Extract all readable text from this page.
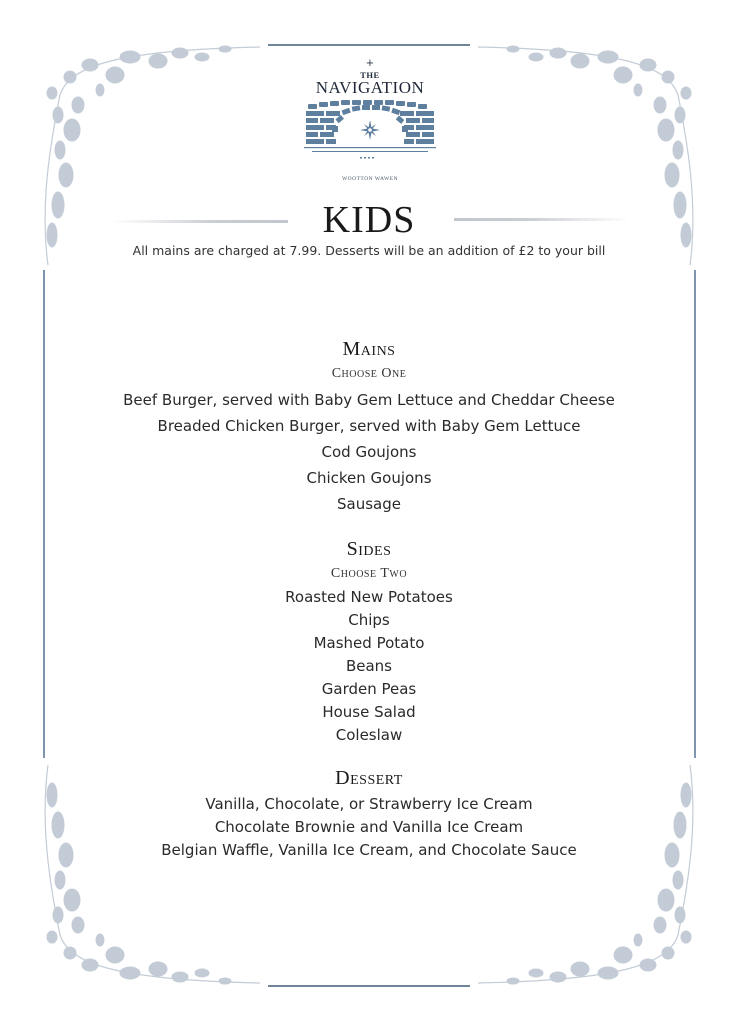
+
THE
NAVIGATION
WOOTTON WAWEN
KIDS
All mains are charged at 7.99. Desserts will be an addition of £2 to your bill
Mains
Choose One
Beef Burger, served with Baby Gem Lettuce and Cheddar Cheese
Breaded Chicken Burger, served with Baby Gem Lettuce
Cod Goujons
Chicken Goujons
Sausage
Sides
Choose Two
Roasted New Potatoes
Chips
Mashed Potato
Beans
Garden Peas
House Salad
Coleslaw
Dessert
Vanilla, Chocolate, or Strawberry Ice Cream
Chocolate Brownie and Vanilla Ice Cream
Belgian Waffle, Vanilla Ice Cream, and Chocolate Sauce
